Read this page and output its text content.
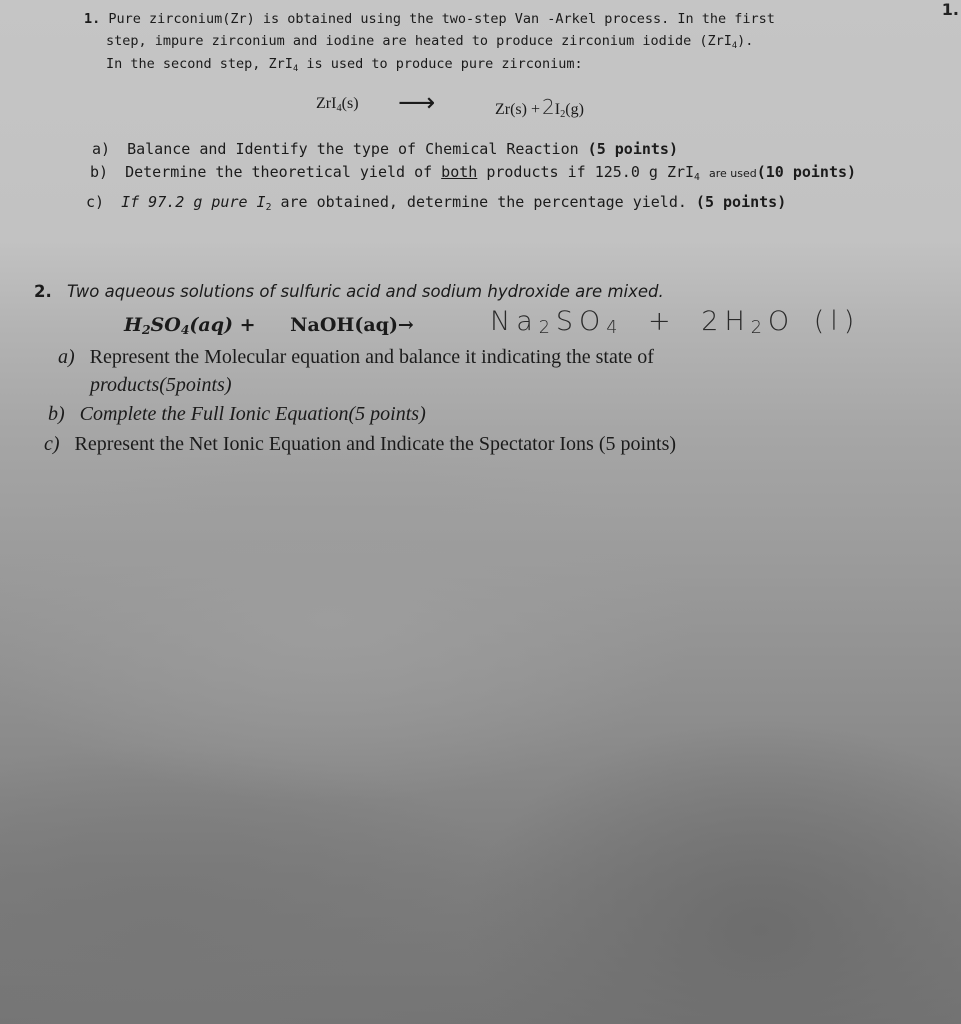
1.
1. Pure zirconium(Zr) is obtained using the two-step Van -Arkel process. In the first
step, impure zirconium and iodine are heated to produce zirconium iodide (ZrI$_4$).
In the second step, ZrI$_4$ is used to produce pure zirconium:
ZrI$_4$(s) ⟶	$Zr(s) + 2I_2(g)$
a) Balance and Identify the type of Chemical Reaction (5 points)
b) Determine the theoretical yield of both products if 125.0 g ZrI$_4$ are used(10 points)
c) If 97.2 g pure $I_2$ are obtained, determine the percentage yield. (5 points)
2. Two aqueous solutions of sulfuric acid and sodium hydroxide are mixed.
$H_2SO_4(aq)$ + NaOH(aq)→	$Na_2SO_4 + 2H_2O$ (l)
a) Represent the Molecular equation and balance it indicating the state of
products(5points)
b) Complete the Full Ionic Equation(5 points)
c) Represent the Net Ionic Equation and Indicate the Spectator Ions (5 points)
